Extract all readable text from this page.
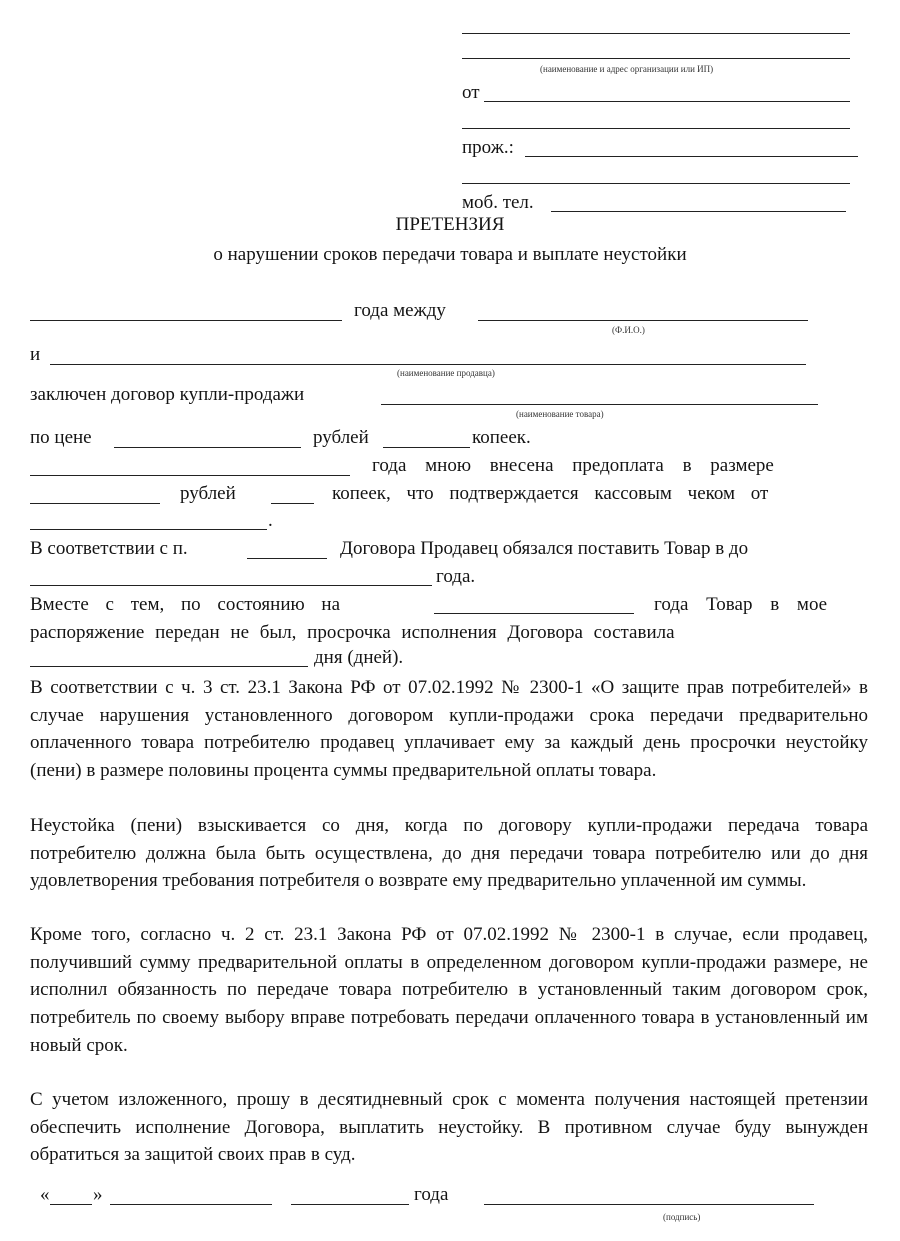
(наименование и адрес организации или ИП)
от
прож.:
моб. тел.
ПРЕТЕНЗИЯ
о нарушении сроков передачи товара и выплате неустойки
года между
(Ф.И.О.)
и
(наименование продавца)
заключен договор купли-продажи
(наименование товара)
по цене	рублей	копеек.
года мною внесена предоплата в размере
рублей	копеек, что подтверждается кассовым чеком от
.
В соответствии с п.	Договора Продавец обязался поставить Товар в до
года.
Вместе с тем, по состоянию на	года Товар в мое
распоряжение передан не был, просрочка исполнения Договора составила
дня (дней).
В соответствии с ч. 3 ст. 23.1 Закона РФ от 07.02.1992 № 2300-1 «О защите прав потребителей» в случае нарушения установленного договором купли-продажи срока передачи предварительно оплаченного товара потребителю продавец уплачивает ему за каждый день просрочки неустойку (пени) в размере половины процента суммы предварительной оплаты товара.
Неустойка (пени) взыскивается со дня, когда по договору купли-продажи передача товара потребителю должна была быть осуществлена, до дня передачи товара потребителю или до дня удовлетворения требования потребителя о возврате ему предварительно уплаченной им суммы.
Кроме того, согласно ч. 2 ст. 23.1 Закона РФ от 07.02.1992 № 2300-1 в случае, если продавец, получивший сумму предварительной оплаты в определенном договором купли-продажи размере, не исполнил обязанность по передаче товара потребителю в установленный таким договором срок, потребитель по своему выбору вправе потребовать передачи оплаченного товара в установленный им новый срок.
С учетом изложенного, прошу в десятидневный срок с момента получения настоящей претензии обеспечить исполнение Договора, выплатить неустойку. В противном случае буду вынужден обратиться за защитой своих прав в суд.
« »	года
(подпись)
